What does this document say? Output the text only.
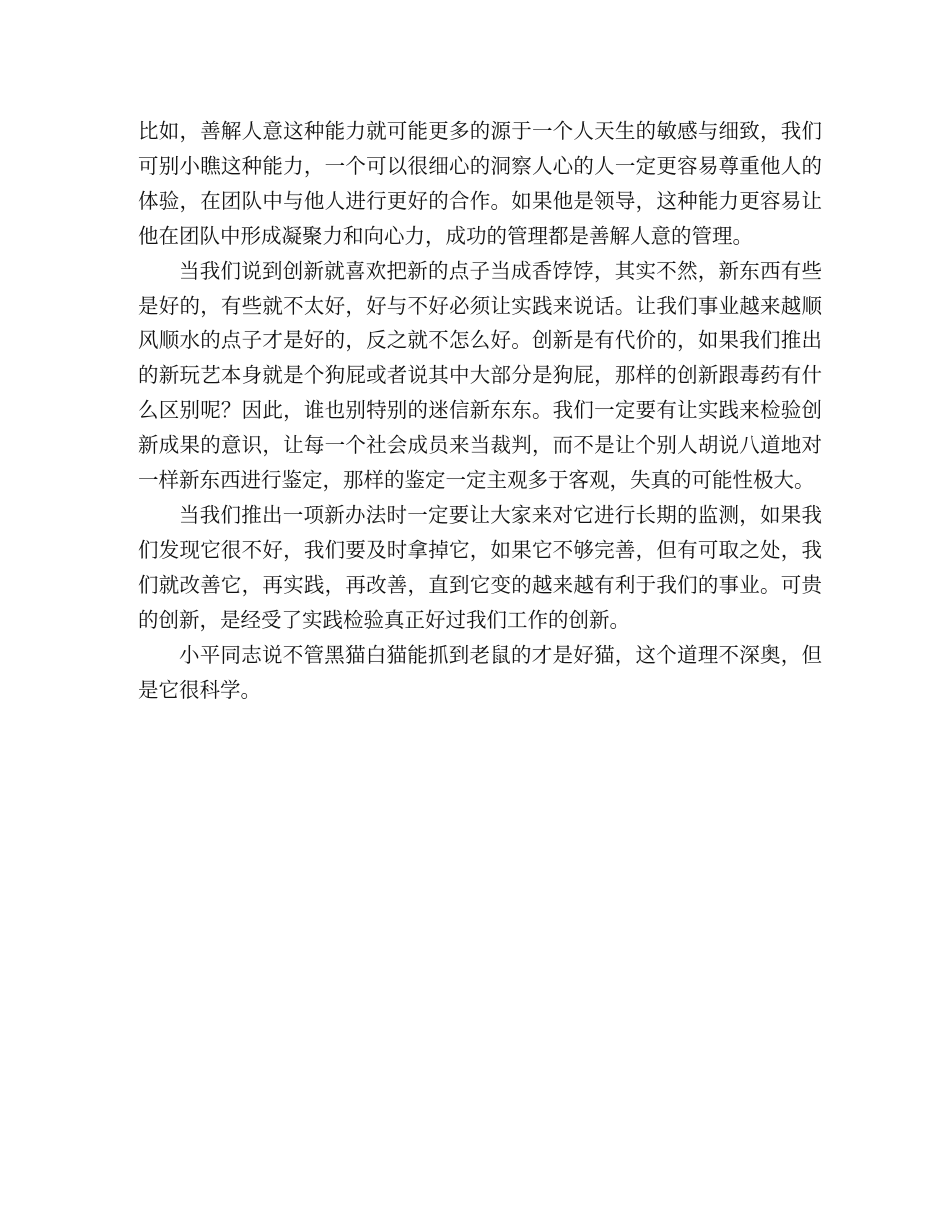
比如，善解人意这种能力就可能更多的源于一个人天生的敏感与细致，我们可别小瞧这种能力，一个可以很细心的洞察人心的人一定更容易尊重他人的体验，在团队中与他人进行更好的合作。如果他是领导，这种能力更容易让他在团队中形成凝聚力和向心力，成功的管理都是善解人意的管理。

当我们说到创新就喜欢把新的点子当成香饽饽，其实不然，新东西有些是好的，有些就不太好，好与不好必须让实践来说话。让我们事业越来越顺风顺水的点子才是好的，反之就不怎么好。创新是有代价的，如果我们推出的新玩艺本身就是个狗屁或者说其中大部分是狗屁，那样的创新跟毒药有什么区别呢？因此，谁也别特别的迷信新东东。我们一定要有让实践来检验创新成果的意识，让每一个社会成员来当裁判，而不是让个别人胡说八道地对一样新东西进行鉴定，那样的鉴定一定主观多于客观，失真的可能性极大。

当我们推出一项新办法时一定要让大家来对它进行长期的监测，如果我们发现它很不好，我们要及时拿掉它，如果它不够完善，但有可取之处，我们就改善它，再实践，再改善，直到它变的越来越有利于我们的事业。可贵的创新，是经受了实践检验真正好过我们工作的创新。

小平同志说不管黑猫白猫能抓到老鼠的才是好猫，这个道理不深奥，但是它很科学。
